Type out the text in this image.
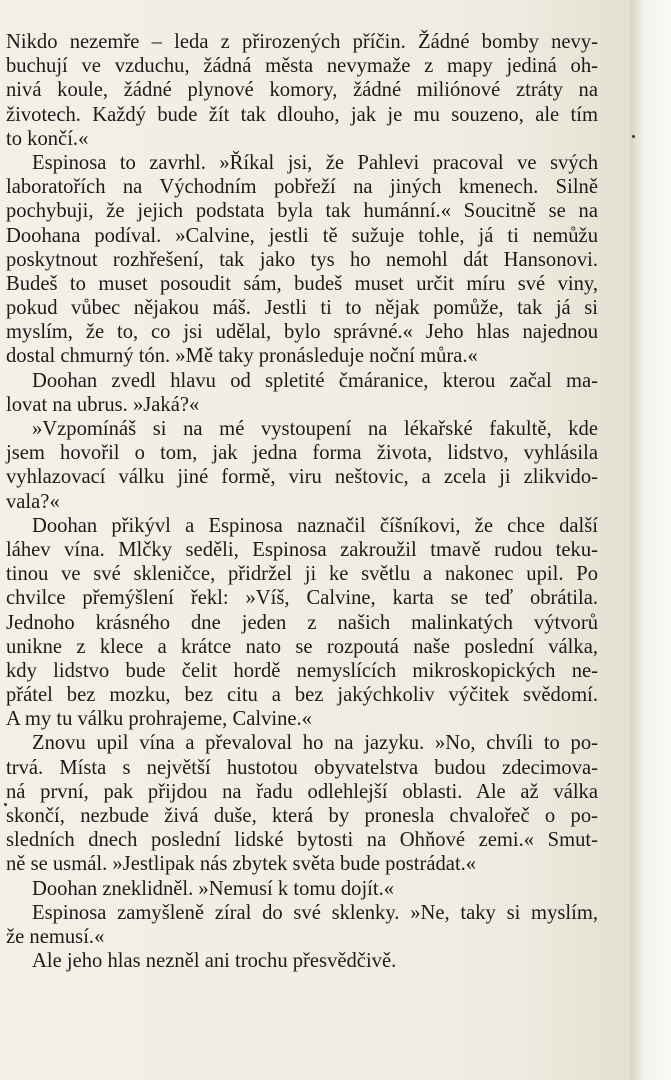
Nikdo nezemře – leda z přirozených příčin. Žádné bomby nevy-
buchují ve vzduchu, žádná města nevymaže z mapy jediná oh-
nivá koule, žádné plynové komory, žádné miliónové ztráty na
životech. Každý bude žít tak dlouho, jak je mu souzeno, ale tím
to končí.«
Espinosa to zavrhl. »Říkal jsi, že Pahlevi pracoval ve svých
laboratořích na Východním pobřeží na jiných kmenech. Silně
pochybuji, že jejich podstata byla tak humánní.« Soucitně se na
Doohana podíval. »Calvine, jestli tě sužuje tohle, já ti nemůžu
poskytnout rozhřešení, tak jako tys ho nemohl dát Hansonovi.
Budeš to muset posoudit sám, budeš muset určit míru své viny,
pokud vůbec nějakou máš. Jestli ti to nějak pomůže, tak já si
myslím, že to, co jsi udělal, bylo správné.« Jeho hlas najednou
dostal chmurný tón. »Mě taky pronásleduje noční můra.«
Doohan zvedl hlavu od spletité čmáranice, kterou začal ma-
lovat na ubrus. »Jaká?«
»Vzpomínáš si na mé vystoupení na lékařské fakultě, kde
jsem hovořil o tom, jak jedna forma života, lidstvo, vyhlásila
vyhlazovací válku jiné formě, viru neštovic, a zcela ji zlikvido-
vala?«
Doohan přikývl a Espinosa naznačil číšníkovi, že chce další
láhev vína. Mlčky seděli, Espinosa zakroužil tmavě rudou teku-
tinou ve své skleničce, přidržel ji ke světlu a nakonec upil. Po
chvilce přemýšlení řekl: »Víš, Calvine, karta se teď obrátila.
Jednoho krásného dne jeden z našich malinkatých výtvorů
unikne z klece a krátce nato se rozpoutá naše poslední válka,
kdy lidstvo bude čelit hordě nemyslících mikroskopických ne-
přátel bez mozku, bez citu a bez jakýchkoliv výčitek svědomí.
A my tu válku prohrajeme, Calvine.«
Znovu upil vína a převaloval ho na jazyku. »No, chvíli to po-
trvá. Místa s největší hustotou obyvatelstva budou zdecimova-
ná první, pak přijdou na řadu odlehlejší oblasti. Ale až válka
skončí, nezbude živá duše, která by pronesla chvalořeč o po-
sledních dnech poslední lidské bytosti na Ohňové zemi.« Smut-
ně se usmál. »Jestlipak nás zbytek světa bude postrádat.«
Doohan zneklidněl. »Nemusí k tomu dojít.«
Espinosa zamyšleně zíral do své sklenky. »Ne, taky si myslím,
že nemusí.«
Ale jeho hlas nezněl ani trochu přesvědčivě.
